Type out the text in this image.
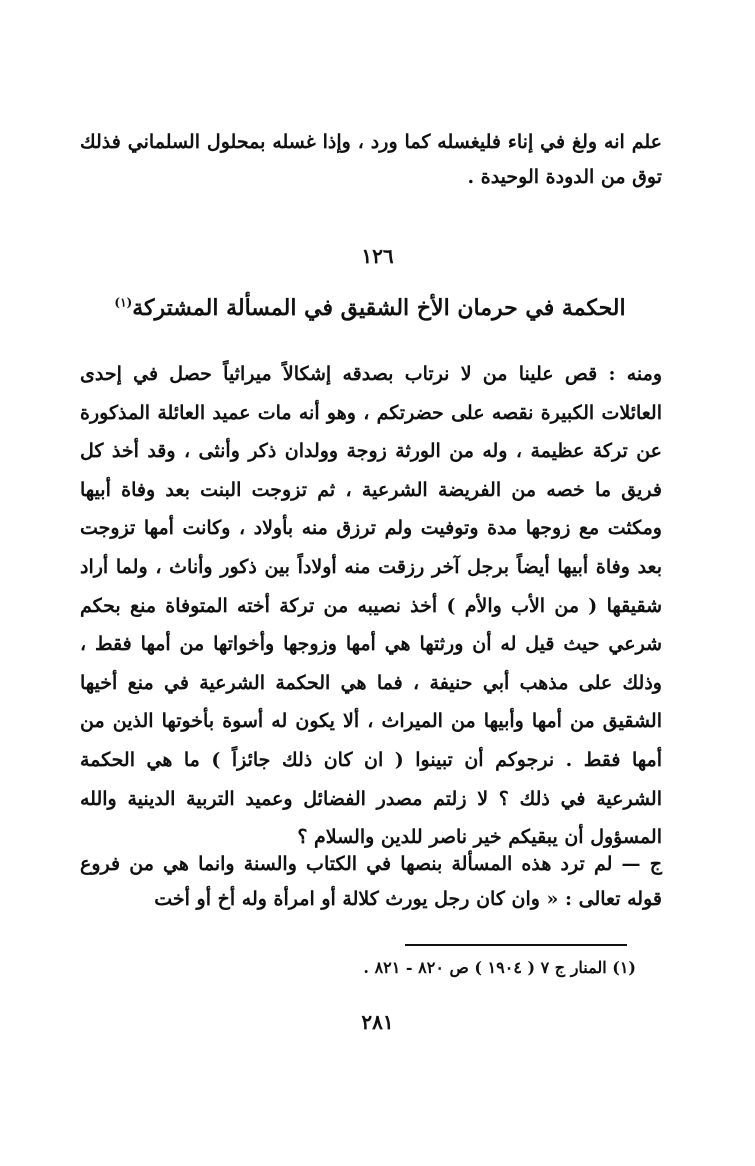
علم انه ولغ في إناء فليغسله كما ورد ، وإذا غسله بمحلول السلماني فذلك توق من الدودة الوحيدة .

١٢٦
الحكمة في حرمان الأخ الشقيق في المسألة المشتركة$^{(١)}$

ومنه : قص علينا من لا نرتاب بصدقه إشكالاً ميراثياً حصل في إحدى العائلات الكبيرة نقصه على حضرتكم ، وهو أنه مات عميد العائلة المذكورة عن تركة عظيمة ، وله من الورثة زوجة وولدان ذكر وأنثى ، وقد أخذ كل فريق ما خصه من الفريضة الشرعية ، ثم تزوجت البنت بعد وفاة أبيها ومكثت مع زوجها مدة وتوفيت ولم ترزق منه بأولاد ، وكانت أمها تزوجت بعد وفاة أبيها أيضاً برجل آخر رزقت منه أولاداً بين ذكور وأناث ، ولما أراد شقيقها ( من الأب والأم ) أخذ نصيبه من تركة أخته المتوفاة منع بحكم شرعي حيث قيل له أن ورثتها هي أمها وزوجها وأخواتها من أمها فقط ، وذلك على مذهب أبي حنيفة ، فما هي الحكمة الشرعية في منع أخيها الشقيق من أمها وأبيها من الميراث ، ألا يكون له أسوة بأخوتها الذين من أمها فقط . نرجوكم أن تبينوا ( ان كان ذلك جائزاً ) ما هي الحكمة الشرعية في ذلك ؟ لا زلتم مصدر الفضائل وعميد التربية الدينية والله المسؤول أن يبقيكم خير ناصر للدين والسلام ؟

ج — لم ترد هذه المسألة بنصها في الكتاب والسنة وانما هي من فروع قوله تعالى : « وان كان رجل يورث كلالة أو امرأة وله أخ أو أخت

(١) المنار ج ٧ ( ١٩٠٤ ) ص ٨٢٠ - ٨٢١ .
٢٨١
